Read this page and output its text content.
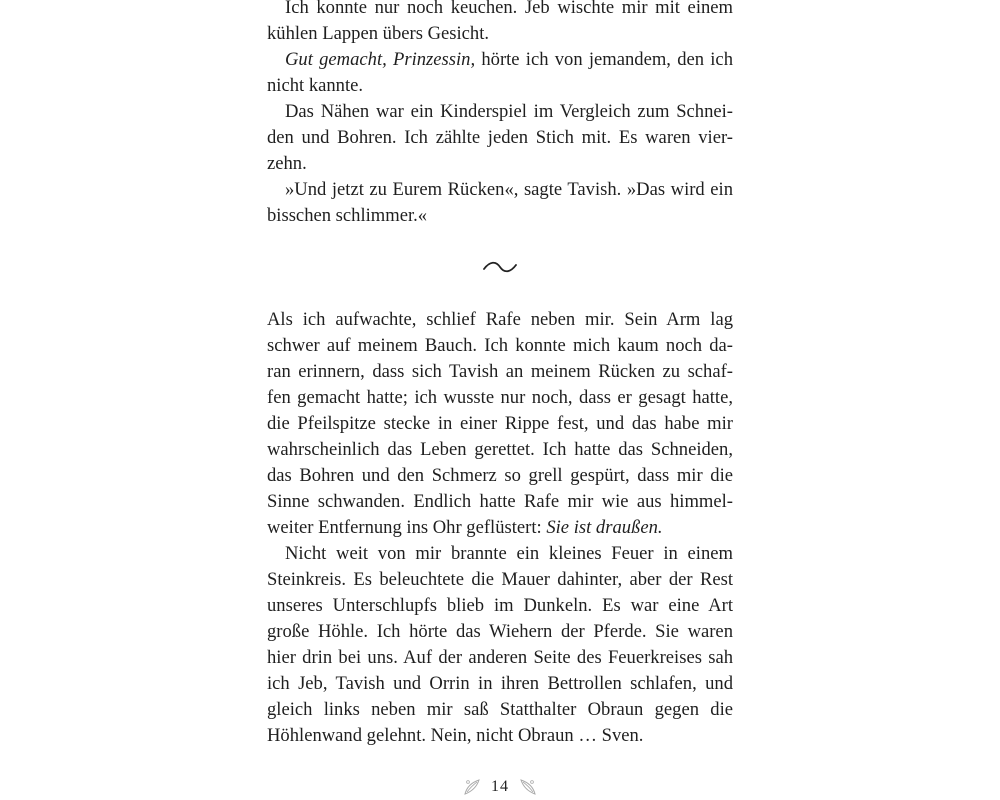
Ich konnte nur noch keuchen. Jeb wischte mir mit einem
kühlen Lappen übers Gesicht.
Gut gemacht, Prinzessin, hörte ich von jemandem, den ich
nicht kannte.
Das Nähen war ein Kinderspiel im Vergleich zum Schnei-
den und Bohren. Ich zählte jeden Stich mit. Es waren vier-
zehn.
»Und jetzt zu Eurem Rücken«, sagte Tavish. »Das wird ein
bisschen schlimmer.«
Als ich aufwachte, schlief Rafe neben mir. Sein Arm lag
schwer auf meinem Bauch. Ich konnte mich kaum noch da-
ran erinnern, dass sich Tavish an meinem Rücken zu schaf-
fen gemacht hatte; ich wusste nur noch, dass er gesagt hatte,
die Pfeilspitze stecke in einer Rippe fest, und das habe mir
wahrscheinlich das Leben gerettet. Ich hatte das Schneiden,
das Bohren und den Schmerz so grell gespürt, dass mir die
Sinne schwanden. Endlich hatte Rafe mir wie aus himmel-
weiter Entfernung ins Ohr geflüstert: Sie ist draußen.
Nicht weit von mir brannte ein kleines Feuer in einem
Steinkreis. Es beleuchtete die Mauer dahinter, aber der Rest
unseres Unterschlupfs blieb im Dunkeln. Es war eine Art
große Höhle. Ich hörte das Wiehern der Pferde. Sie waren
hier drin bei uns. Auf der anderen Seite des Feuerkreises sah
ich Jeb, Tavish und Orrin in ihren Bettrollen schlafen, und
gleich links neben mir saß Statthalter Obraun gegen die
Höhlenwand gelehnt. Nein, nicht Obraun … Sven.
14
